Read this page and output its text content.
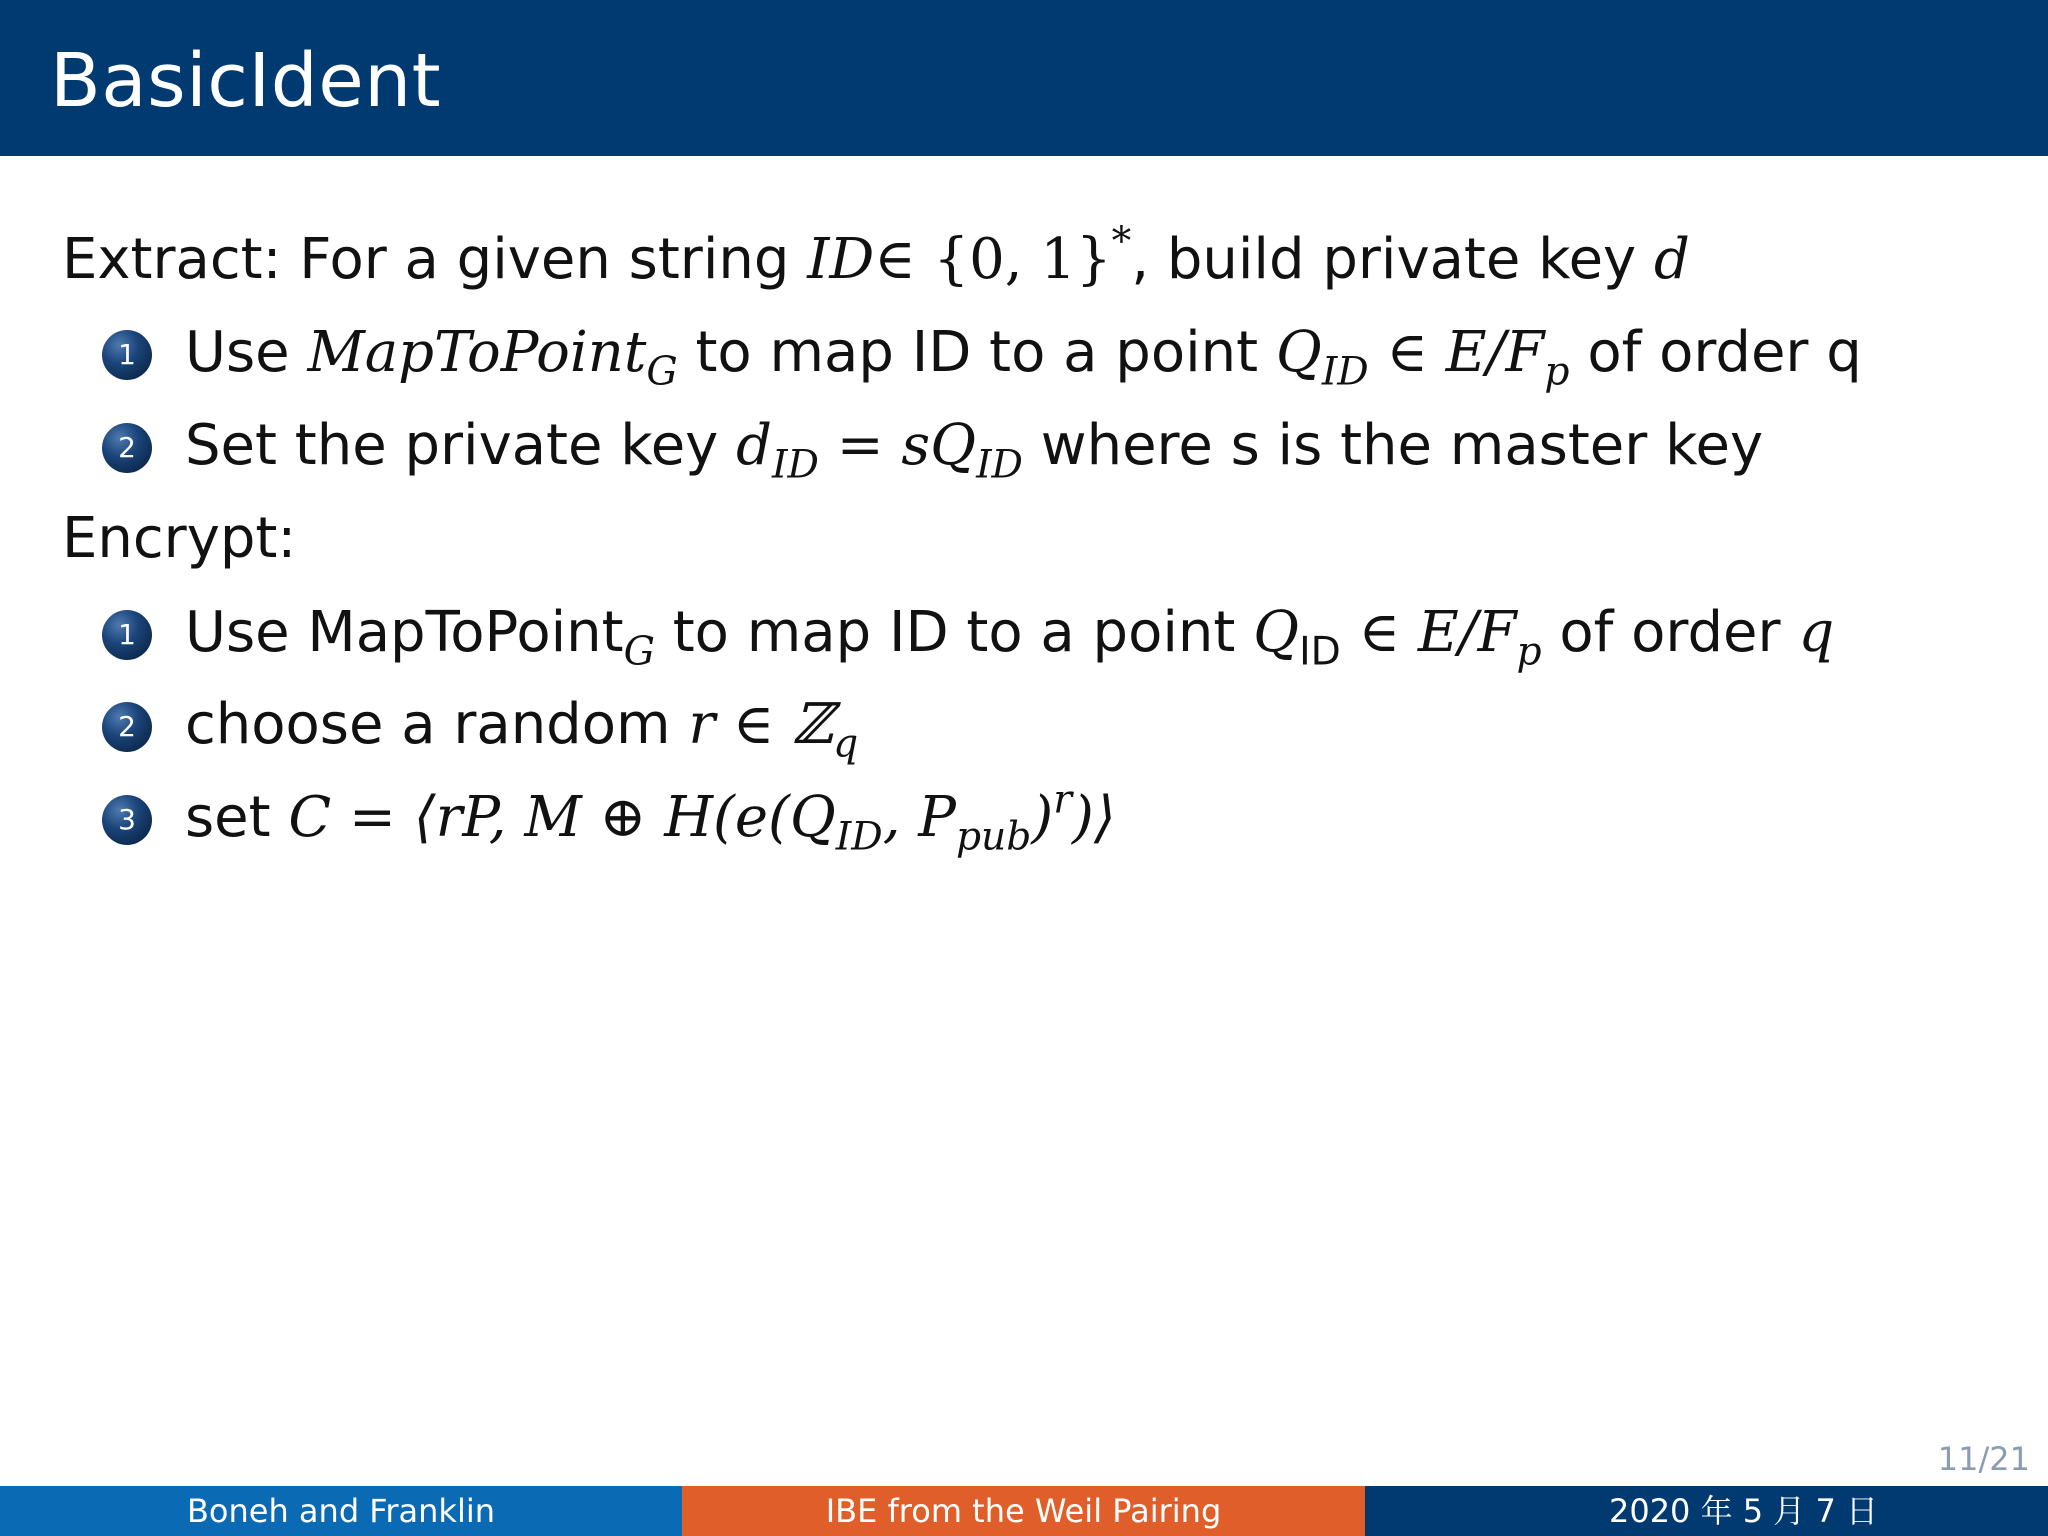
BasicIdent
Extract: For a given string ID∈ {0, 1}*, build private key d
1 Use MapToPoint$_G$ to map ID to a point $Q_{ID}$ ∈ $E/F_p$ of order q
2 Set the private key $d_{ID} = sQ_{ID}$ where s is the master key
Encrypt:
1 Use MapToPoint$_G$ to map ID to a point $Q_{ID}$ ∈ $E/F_p$ of order q
2 choose a random r ∈ ℤ$_q$
3 set C = ⟨rP, M ⊕ $H(e(Q_{ID}$, $P_{pub})^r)⟩$
11/21
Boneh and Franklin	IBE from the Weil Pairing	2020 年 5 月 7 日
